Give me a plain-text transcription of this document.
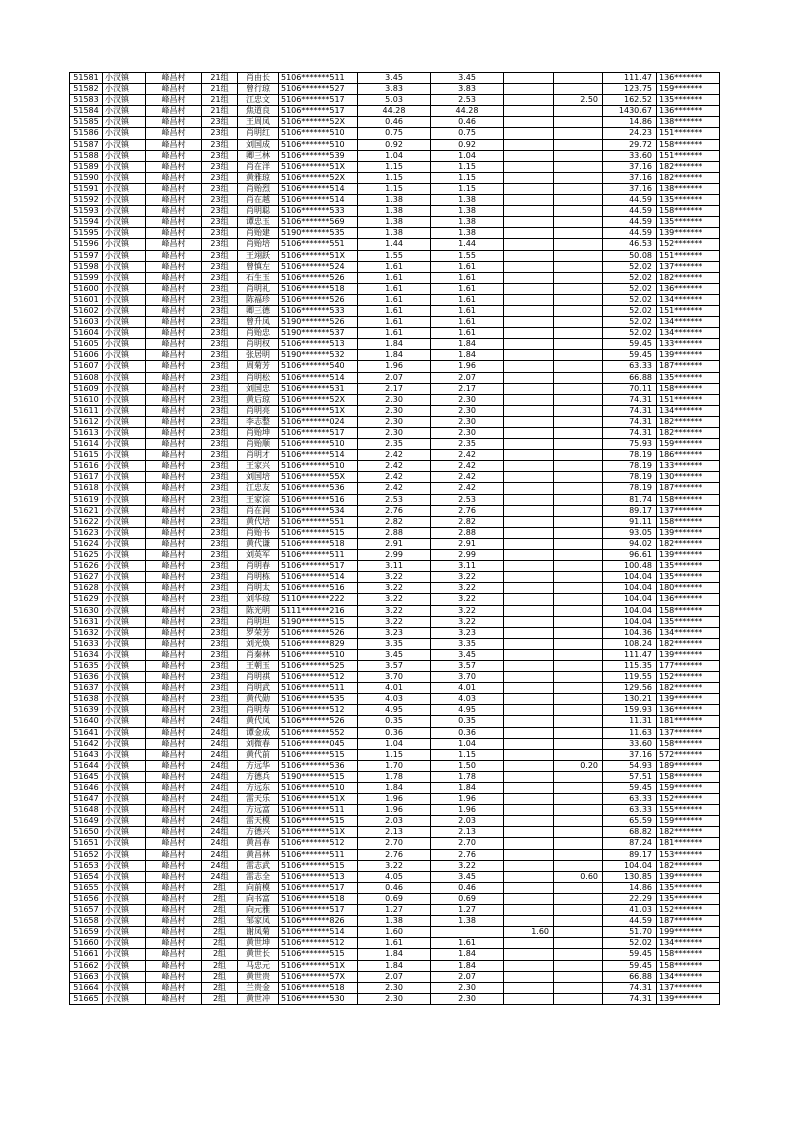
51581	小汊镇	峰昌村	21组	肖由长	5106*******511	3.45	3.45			111.47	136*******
51582	小汊镇	峰昌村	21组	曾行琼	5106*******527	3.83	3.83			123.75	159*******
51583	小汊镇	峰昌村	21组	江忠文	5106*******517	5.03	2.53		2.50	162.52	135*******
51584	小汊镇	峰昌村	21组	焦道良	5106*******517	44.28	44.28			1430.67	136*******
51585	小汊镇	峰昌村	23组	王周凤	5106*******52X	0.46	0.46			14.86	138*******
51586	小汊镇	峰昌村	23组	肖明红	5106*******510	0.75	0.75			24.23	151*******
51587	小汊镇	峰昌村	23组	刘国成	5106*******510	0.92	0.92			29.72	158*******
51588	小汊镇	峰昌村	23组	卿三林	5106*******539	1.04	1.04			33.60	151*******
51589	小汊镇	峰昌村	23组	肖在洋	5106*******51X	1.15	1.15			37.16	182*******
51590	小汊镇	峰昌村	23组	黄雅琼	5106*******52X	1.15	1.15			37.16	182*******
51591	小汊镇	峰昌村	23组	肖贻烈	5106*******514	1.15	1.15			37.16	138*******
51592	小汊镇	峰昌村	23组	肖在越	5106*******514	1.38	1.38			44.59	135*******
51593	小汊镇	峰昌村	23组	肖明聪	5106*******533	1.38	1.38			44.59	158*******
51594	小汊镇	峰昌村	23组	谭忠玉	5106*******569	1.38	1.38			44.59	135*******
51595	小汊镇	峰昌村	23组	肖贻建	5190*******535	1.38	1.38			44.59	139*******
51596	小汊镇	峰昌村	23组	肖贻培	5106*******551	1.44	1.44			46.53	152*******
51597	小汊镇	峰昌村	23组	王翊跃	5106*******51X	1.55	1.55			50.08	151*******
51598	小汊镇	峰昌村	23组	曾慎左	5106*******524	1.61	1.61			52.02	137*******
51599	小汊镇	峰昌村	23组	石生玉	5106*******526	1.61	1.61			52.02	182*******
51600	小汊镇	峰昌村	23组	肖明礼	5106*******518	1.61	1.61			52.02	136*******
51601	小汊镇	峰昌村	23组	陈福珍	5106*******526	1.61	1.61			52.02	134*******
51602	小汊镇	峰昌村	23组	卿三德	5106*******533	1.61	1.61			52.02	151*******
51603	小汊镇	峰昌村	23组	曾升凤	5190*******526	1.61	1.61			52.02	134*******
51604	小汊镇	峰昌村	23组	肖贻忠	5190*******537	1.61	1.61			52.02	134*******
51605	小汊镇	峰昌村	23组	肖明权	5106*******513	1.84	1.84			59.45	133*******
51606	小汊镇	峰昌村	23组	张居明	5190*******532	1.84	1.84			59.45	139*******
51607	小汊镇	峰昌村	23组	周菊芳	5106*******540	1.96	1.96			63.33	187*******
51608	小汊镇	峰昌村	23组	肖明松	5106*******514	2.07	2.07			66.88	135*******
51609	小汊镇	峰昌村	23组	刘国忠	5106*******531	2.17	2.17			70.11	158*******
51610	小汊镇	峰昌村	23组	黄后琼	5106*******52X	2.30	2.30			74.31	151*******
51611	小汊镇	峰昌村	23组	肖明亮	5106*******51X	2.30	2.30			74.31	134*******
51612	小汊镇	峰昌村	23组	李志整	5106*******024	2.30	2.30			74.31	182*******
51613	小汊镇	峰昌村	23组	肖贻坤	5106*******517	2.30	2.30			74.31	182*******
51614	小汊镇	峰昌村	23组	肖贻顺	5106*******510	2.35	2.35			75.93	159*******
51615	小汊镇	峰昌村	23组	肖明才	5106*******514	2.42	2.42			78.19	186*******
51616	小汊镇	峰昌村	23组	王家兴	5106*******510	2.42	2.42			78.19	133*******
51617	小汊镇	峰昌村	23组	刘国培	5106*******55X	2.42	2.42			78.19	130*******
51618	小汊镇	峰昌村	23组	江忠友	5106*******536	2.42	2.42			78.19	187*******
51619	小汊镇	峰昌村	23组	王家淙	5106*******516	2.53	2.53			81.74	158*******
51621	小汊镇	峰昌村	23组	肖在润	5106*******534	2.76	2.76			89.17	137*******
51622	小汊镇	峰昌村	23组	黄代培	5106*******551	2.82	2.82			91.11	158*******
51623	小汊镇	峰昌村	23组	肖贻书	5106*******515	2.88	2.88			93.05	139*******
51624	小汊镇	峰昌村	23组	黄代谦	5106*******518	2.91	2.91			94.02	182*******
51625	小汊镇	峰昌村	23组	刘英军	5106*******511	2.99	2.99			96.61	139*******
51626	小汊镇	峰昌村	23组	肖明春	5106*******517	3.11	3.11			100.48	135*******
51627	小汊镇	峰昌村	23组	肖明栋	5106*******514	3.22	3.22			104.04	135*******
51628	小汊镇	峰昌村	23组	肖明太	5106*******516	3.22	3.22			104.04	180*******
51629	小汊镇	峰昌村	23组	刘华琼	5110*******222	3.22	3.22			104.04	136*******
51630	小汊镇	峰昌村	23组	陈光明	5111*******216	3.22	3.22			104.04	158*******
51631	小汊镇	峰昌村	23组	肖明坦	5190*******515	3.22	3.22			104.04	135*******
51632	小汊镇	峰昌村	23组	罗荣芳	5106*******526	3.23	3.23			104.36	134*******
51633	小汊镇	峰昌村	23组	刘光焕	5106*******829	3.35	3.35			108.24	182*******
51634	小汊镇	峰昌村	23组	肖秦林	5106*******510	3.45	3.45			111.47	139*******
51635	小汊镇	峰昌村	23组	王朝玉	5106*******525	3.57	3.57			115.35	177*******
51636	小汊镇	峰昌村	23组	肖明祺	5106*******512	3.70	3.70			119.55	152*******
51637	小汊镇	峰昌村	23组	肖明武	5106*******511	4.01	4.01			129.56	182*******
51638	小汊镇	峰昌村	23组	黄代勋	5106*******535	4.03	4.03			130.21	139*******
51639	小汊镇	峰昌村	23组	肖明寿	5106*******512	4.95	4.95			159.93	136*******
51640	小汊镇	峰昌村	24组	黄代凤	5106*******526	0.35	0.35			11.31	181*******
51641	小汊镇	峰昌村	24组	谭金成	5106*******552	0.36	0.36			11.63	137*******
51642	小汊镇	峰昌村	24组	刘微春	5106*******045	1.04	1.04			33.60	158*******
51643	小汊镇	峰昌村	24组	黄代前	5106*******515	1.15	1.15			37.16	572*******
51644	小汊镇	峰昌村	24组	方远华	5106*******536	1.70	1.50		0.20	54.93	189*******
51645	小汊镇	峰昌村	24组	方德兵	5190*******515	1.78	1.78			57.51	158*******
51646	小汊镇	峰昌村	24组	方远东	5106*******510	1.84	1.84			59.45	159*******
51647	小汊镇	峰昌村	24组	雷天乐	5106*******51X	1.96	1.96			63.33	152*******
51648	小汊镇	峰昌村	24组	方远富	5106*******511	1.96	1.96			63.33	155*******
51649	小汊镇	峰昌村	24组	雷天模	5106*******515	2.03	2.03			65.59	159*******
51650	小汊镇	峰昌村	24组	方德兴	5106*******51X	2.13	2.13			68.82	182*******
51651	小汊镇	峰昌村	24组	黄昌春	5106*******512	2.70	2.70			87.24	181*******
51652	小汊镇	峰昌村	24组	黄昌林	5106*******511	2.76	2.76			89.17	153*******
51653	小汊镇	峰昌村	24组	雷志武	5106*******515	3.22	3.22			104.04	182*******
51654	小汊镇	峰昌村	24组	雷志全	5106*******513	4.05	3.45		0.60	130.85	139*******
51655	小汊镇	峰昌村	2组	向前模	5106*******517	0.46	0.46			14.86	135*******
51656	小汊镇	峰昌村	2组	向书富	5106*******518	0.69	0.69			22.29	135*******
51657	小汊镇	峰昌村	2组	向元雅	5106*******517	1.27	1.27			41.03	152*******
51658	小汊镇	峰昌村	2组	邹家凤	5106*******826	1.38	1.38			44.59	187*******
51659	小汊镇	峰昌村	2组	谢凤菊	5106*******514	1.60		1.60		51.70	199*******
51660	小汊镇	峰昌村	2组	黄世坤	5106*******512	1.61	1.61			52.02	134*******
51661	小汊镇	峰昌村	2组	黄世长	5106*******515	1.84	1.84			59.45	158*******
51662	小汊镇	峰昌村	2组	马忠元	5106*******51X	1.84	1.84			59.45	158*******
51663	小汊镇	峰昌村	2组	黄世贵	5106*******57X	2.07	2.07			66.88	134*******
51664	小汊镇	峰昌村	2组	兰贵金	5106*******518	2.30	2.30			74.31	137*******
51665	小汊镇	峰昌村	2组	黄世冲	5106*******530	2.30	2.30			74.31	139*******
